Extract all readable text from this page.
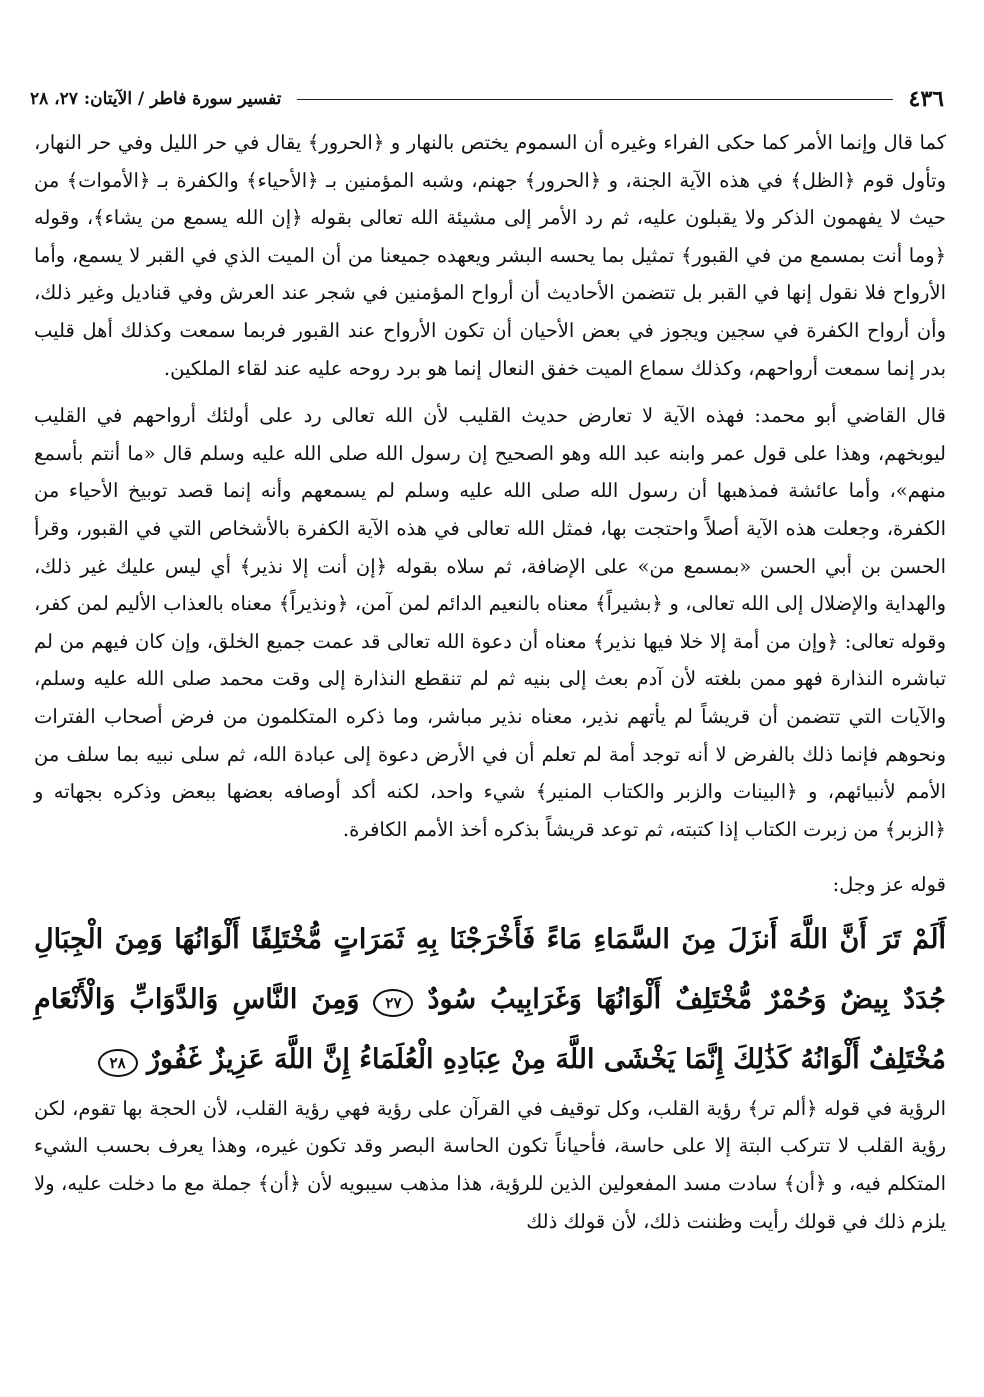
٤٣٦
تفسير سورة فاطر / الآيتان: ٢٧، ٢٨

كما قال وإنما الأمر كما حكى الفراء وغيره أن السموم يختص بالنهار و ﴿الحرور﴾ يقال في حر الليل وفي حر النهار، وتأول قوم ﴿الظل﴾ في هذه الآية الجنة، و ﴿الحرور﴾ جهنم، وشبه المؤمنين بـ ﴿الأحياء﴾ والكفرة بـ ﴿الأموات﴾ من حيث لا يفهمون الذكر ولا يقبلون عليه، ثم رد الأمر إلى مشيئة الله تعالى بقوله ﴿إن الله يسمع من يشاء﴾، وقوله ﴿وما أنت بمسمع من في القبور﴾ تمثيل بما يحسه البشر ويعهده جميعنا من أن الميت الذي في القبر لا يسمع، وأما الأرواح فلا نقول إنها في القبر بل تتضمن الأحاديث أن أرواح المؤمنين في شجر عند العرش وفي قناديل وغير ذلك، وأن أرواح الكفرة في سجين ويجوز في بعض الأحيان أن تكون الأرواح عند القبور فربما سمعت وكذلك أهل قليب بدر إنما سمعت أرواحهم، وكذلك سماع الميت خفق النعال إنما هو برد روحه عليه عند لقاء الملكين.

قال القاضي أبو محمد: فهذه الآية لا تعارض حديث القليب لأن الله تعالى رد على أولئك أرواحهم في القليب ليوبخهم، وهذا على قول عمر وابنه عبد الله وهو الصحيح إن رسول الله صلى الله عليه وسلم قال «ما أنتم بأسمع منهم»، وأما عائشة فمذهبها أن رسول الله صلى الله عليه وسلم لم يسمعهم وأنه إنما قصد توبيخ الأحياء من الكفرة، وجعلت هذه الآية أصلاً واحتجت بها، فمثل الله تعالى في هذه الآية الكفرة بالأشخاص التي في القبور، وقرأ الحسن بن أبي الحسن «بمسمع من» على الإضافة، ثم سلاه بقوله ﴿إن أنت إلا نذير﴾ أي ليس عليك غير ذلك، والهداية والإضلال إلى الله تعالى، و ﴿بشيراً﴾ معناه بالنعيم الدائم لمن آمن، ﴿ونذيراً﴾ معناه بالعذاب الأليم لمن كفر، وقوله تعالى: ﴿وإن من أمة إلا خلا فيها نذير﴾ معناه أن دعوة الله تعالى قد عمت جميع الخلق، وإن كان فيهم من لم تباشره النذارة فهو ممن بلغته لأن آدم بعث إلى بنيه ثم لم تنقطع النذارة إلى وقت محمد صلى الله عليه وسلم، والآيات التي تتضمن أن قريشاً لم يأتهم نذير، معناه نذير مباشر، وما ذكره المتكلمون من فرض أصحاب الفترات ونحوهم فإنما ذلك بالفرض لا أنه توجد أمة لم تعلم أن في الأرض دعوة إلى عبادة الله، ثم سلى نبيه بما سلف من الأمم لأنبيائهم، و ﴿البينات والزبر والكتاب المنير﴾ شيء واحد، لكنه أكد أوصافه بعضها ببعض وذكره بجهاته و ﴿الزبر﴾ من زبرت الكتاب إذا كتبته، ثم توعد قريشاً بذكره أخذ الأمم الكافرة.

قوله عز وجل:

أَلَمْ تَرَ أَنَّ اللَّهَ أَنزَلَ مِنَ السَّمَاءِ مَاءً فَأَخْرَجْنَا بِهِ ثَمَرَاتٍ مُّخْتَلِفًا أَلْوَانُهَا وَمِنَ الْجِبَالِ جُدَدٌ بِيضٌ وَحُمْرٌ مُّخْتَلِفٌ أَلْوَانُهَا وَغَرَابِيبُ سُودٌ ٢٧ وَمِنَ النَّاسِ وَالدَّوَابِّ وَالْأَنْعَامِ مُخْتَلِفٌ أَلْوَانُهُ كَذَٰلِكَ إِنَّمَا يَخْشَى اللَّهَ مِنْ عِبَادِهِ الْعُلَمَاءُ إِنَّ اللَّهَ عَزِيزٌ غَفُورٌ ٢٨

الرؤية في قوله ﴿ألم تر﴾ رؤية القلب، وكل توقيف في القرآن على رؤية فهي رؤية القلب، لأن الحجة بها تقوم، لكن رؤية القلب لا تتركب البتة إلا على حاسة، فأحياناً تكون الحاسة البصر وقد تكون غيره، وهذا يعرف بحسب الشيء المتكلم فيه، و ﴿أن﴾ سادت مسد المفعولين الذين للرؤية، هذا مذهب سيبويه لأن ﴿أن﴾ جملة مع ما دخلت عليه، ولا يلزم ذلك في قولك رأيت وظننت ذلك، لأن قولك ذلك
